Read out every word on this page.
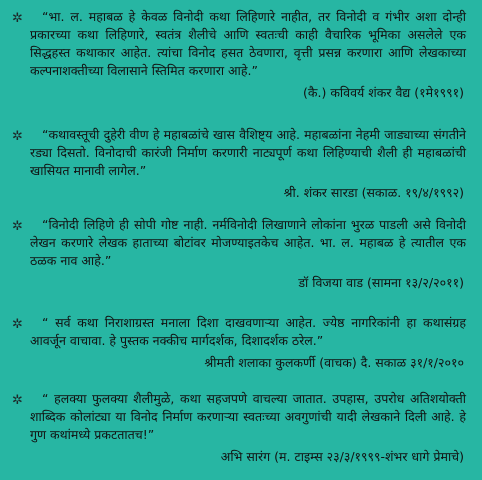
✲	“भा. ल. महाबळ हे केवळ विनोदी कथा लिहिणारे नाहीत, तर विनोदी व गंभीर अशा दोन्ही प्रकारच्या कथा लिहिणारे, स्वतंत्र शैलीचे आणि स्वतःची काही वैचारिक भूमिका असलेले एक सिद्धहस्त कथाकार आहेत. त्यांचा विनोद हसत ठेवणारा, वृत्ती प्रसन्न करणारा आणि लेखकाच्या कल्पनाशक्तीच्या विलासाने स्तिमित करणारा आहे.”

(कै.) कविवर्य शंकर वैद्य (१मे१९९१)
✲	“कथावस्तूची दुहेरी वीण हे महाबळांचे खास वैशिष्ट्य आहे. महाबळांना नेहमी जाड्याच्या संगतीने रड्या दिसतो. विनोदाची कारंजी निर्माण करणारी नाट्यपूर्ण कथा लिहिण्याची शैली ही महाबळांची खासियत मानावी लागेल.”

श्री. शंकर सारडा (सकाळ. १९/४/१९९२)
✲	“विनोदी लिहिणे ही सोपी गोष्ट नाही. नर्मविनोदी लिखाणाने लोकांना भुरळ पाडली असे विनोदी लेखन करणारे लेखक हाताच्या बोटांवर मोजण्याइतकेच आहेत. भा. ल. महाबळ हे त्यातील एक ठळक नाव आहे.”

डॉ विजया वाड (सामना १३/२/२०११)
✲	“ सर्व कथा निराशाग्रस्त मनाला दिशा दाखवणाऱ्या आहेत. ज्येष्ठ नागरिकांनी हा कथासंग्रह आवर्जून वाचावा. हे पुस्तक नक्कीच मार्गदर्शक, दिशादर्शक ठरेल.”

श्रीमती शलाका कुलकर्णी (वाचक) दै. सकाळ ३१/१/२०१०
✲	“ हलक्या फुलक्या शैलीमुळे, कथा सहजपणे वाचल्या जातात. उपहास, उपरोध अतिशयोक्ती शाब्दिक कोलांट्या या विनोद निर्माण करणाऱ्या स्वतःच्या अवगुणांची यादी लेखकाने दिली आहे. हे गुण कथांमध्ये प्रकटतातच!”

अभि सारंग (म. टाइम्स २३/३/१९९९-शंभर धागे प्रेमाचे)
